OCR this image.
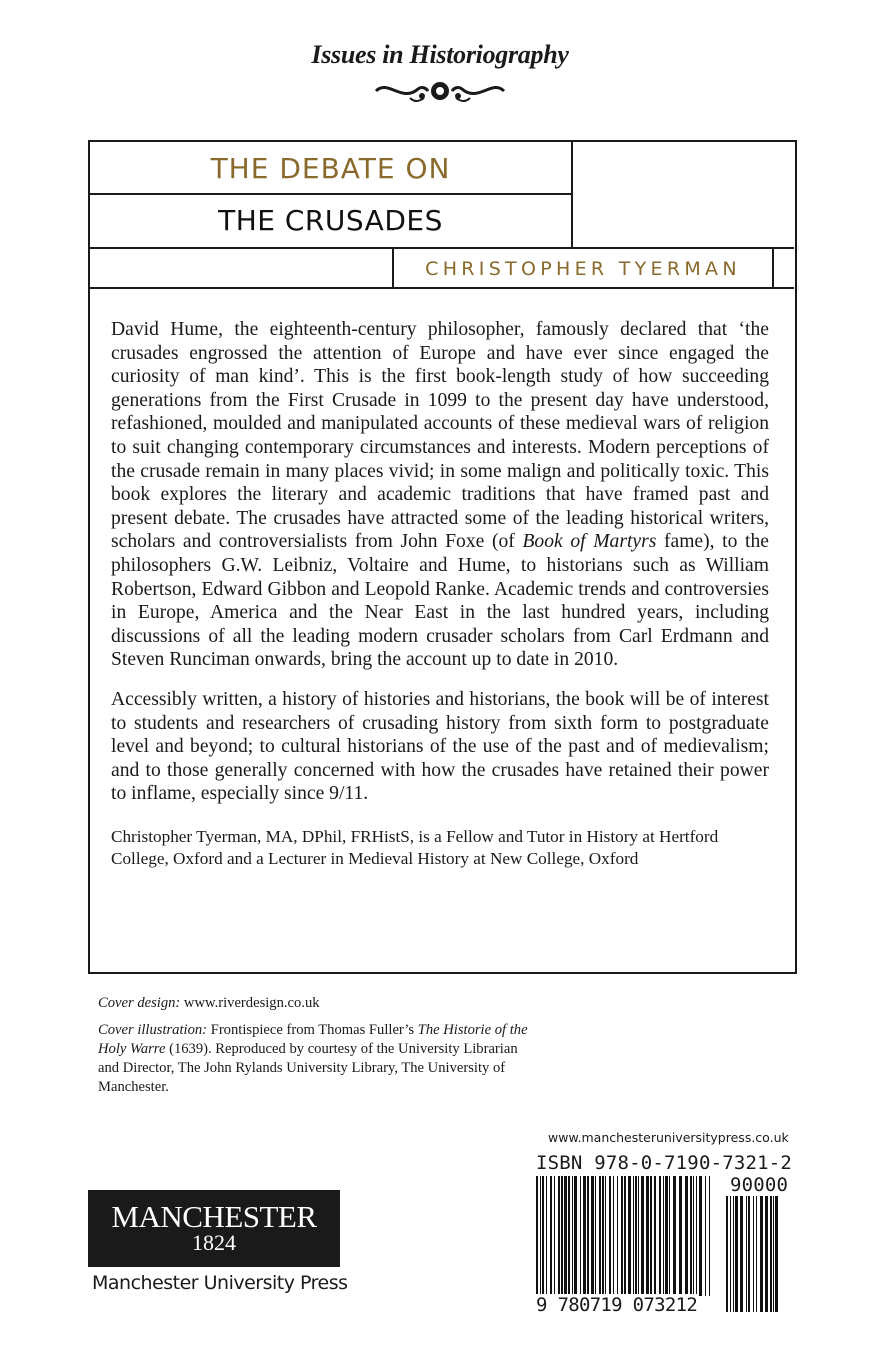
Issues in Historiography
THE DEBATE ON
THE CRUSADES
CHRISTOPHER TYERMAN

David Hume, the eighteenth-century philosopher, famously declared that ‘the crusades engrossed the attention of Europe and have ever since engaged the curiosity of man kind’. This is the first book-length study of how succeeding generations from the First Crusade in 1099 to the present day have understood, refashioned, moulded and manipulated accounts of these medieval wars of religion to suit changing contemporary circumstances and interests. Modern perceptions of the crusade remain in many places vivid; in some malign and politically toxic. This book explores the literary and academic traditions that have framed past and present debate. The crusades have attracted some of the leading historical writers, scholars and controversialists from John Foxe (of Book of Martyrs fame), to the philosophers G.W. Leibniz, Voltaire and Hume, to historians such as William Robertson, Edward Gibbon and Leopold Ranke. Academic trends and controversies in Europe, America and the Near East in the last hundred years, including discussions of all the leading modern crusader scholars from Carl Erdmann and Steven Runciman onwards, bring the account up to date in 2010.

Accessibly written, a history of histories and historians, the book will be of interest to students and researchers of crusading history from sixth form to postgraduate level and beyond; to cultural historians of the use of the past and of medievalism; and to those generally concerned with how the crusades have retained their power to inflame, especially since 9/11.

Christopher Tyerman, MA, DPhil, FRHistS, is a Fellow and Tutor in History at Hertford College, Oxford and a Lecturer in Medieval History at New College, Oxford

Cover design: www.riverdesign.co.uk
Cover illustration: Frontispiece from Thomas Fuller’s The Historie of the Holy Warre (1639). Reproduced by courtesy of the University Librarian and Director, The John Rylands University Library, The University of Manchester.
www.manchesteruniversitypress.co.uk
ISBN 978-0-7190-7321-2
90000
9 780719 073212
MANCHESTER
1824
Manchester University Press
